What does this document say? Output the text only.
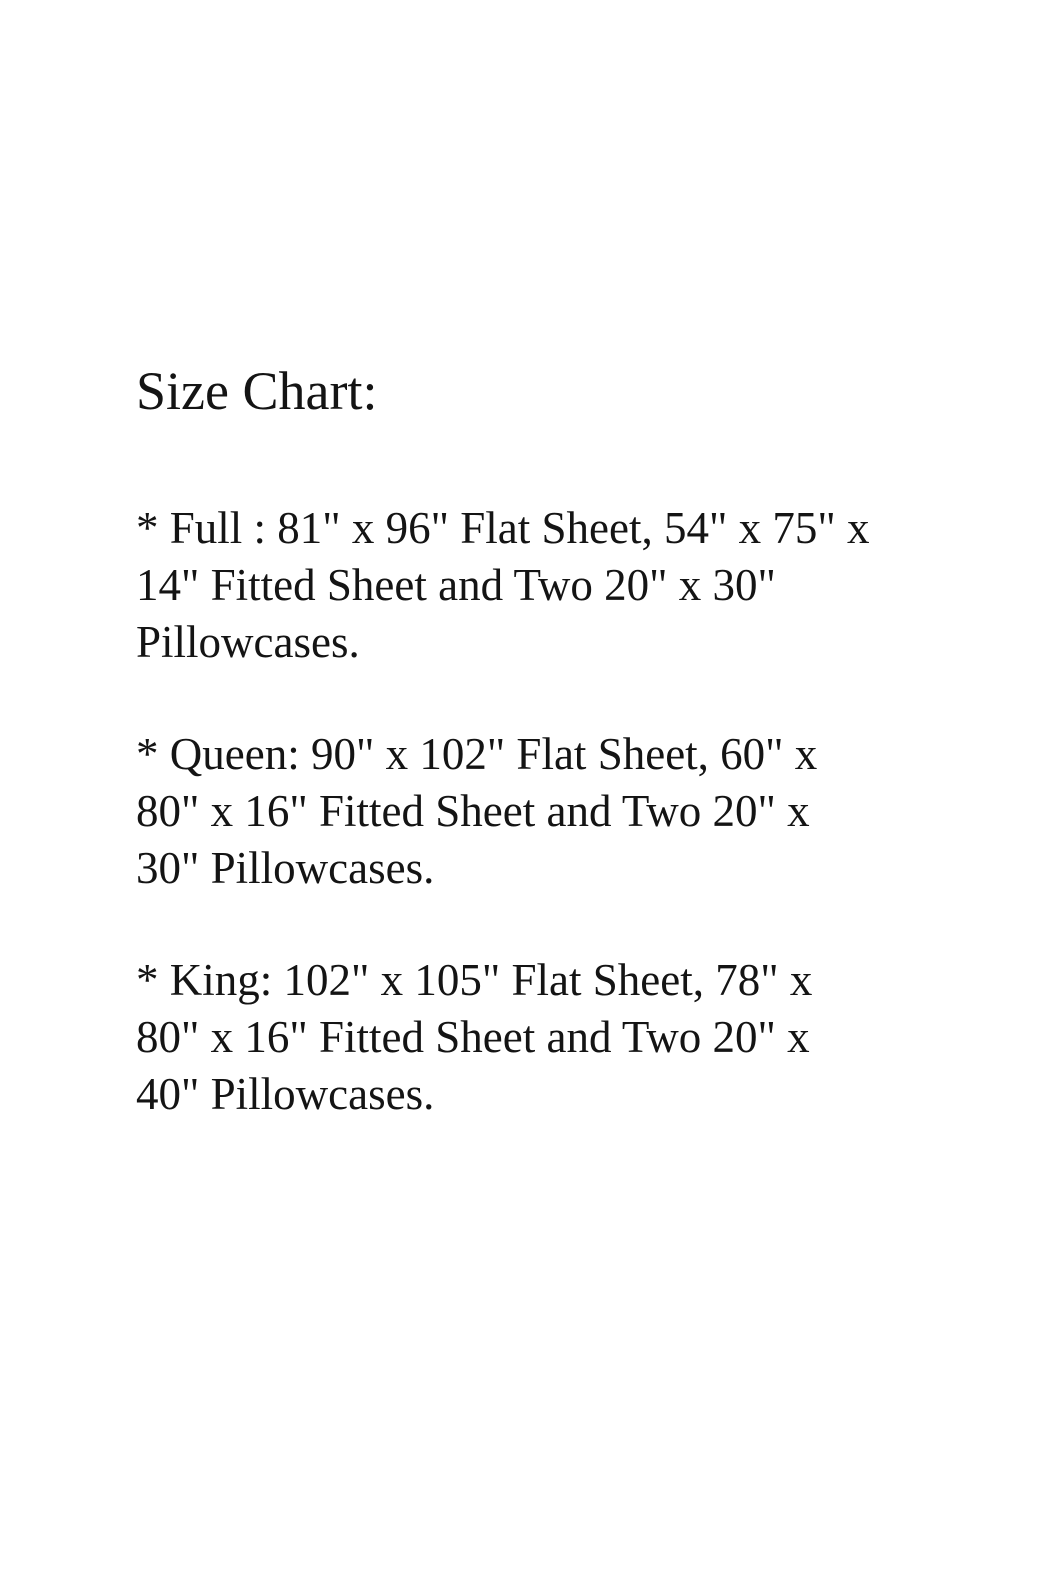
Size Chart:
* Full : 81" x 96" Flat Sheet, 54" x 75" x
14" Fitted Sheet and Two 20" x 30"
Pillowcases.
* Queen: 90" x 102" Flat Sheet, 60" x
80" x 16" Fitted Sheet and Two 20" x
30" Pillowcases.
* King: 102" x 105" Flat Sheet, 78" x
80" x 16" Fitted Sheet and Two 20" x
40" Pillowcases.
